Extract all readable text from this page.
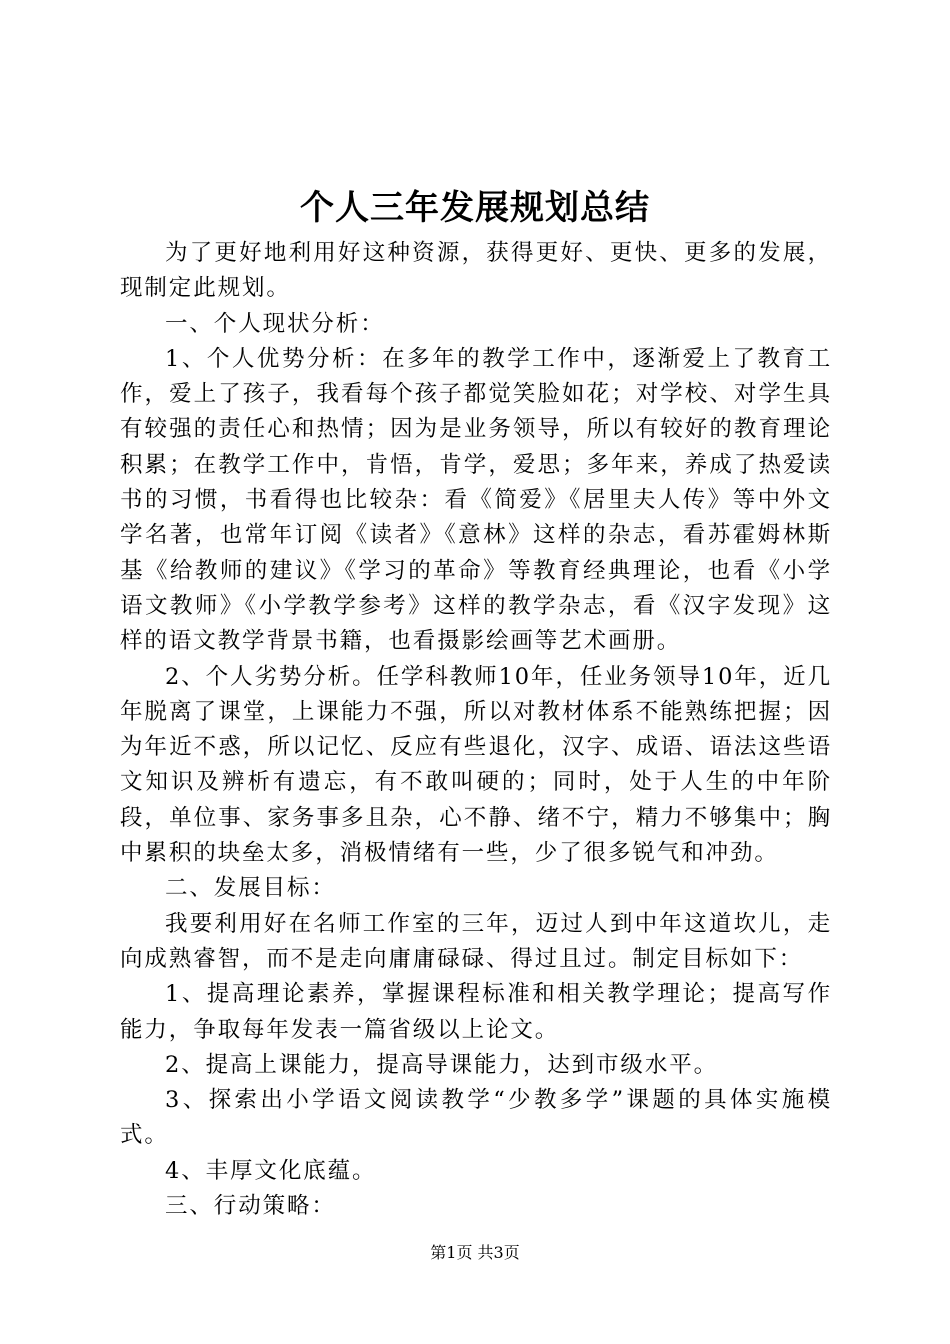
个人三年发展规划总结

为了更好地利用好这种资源，获得更好、更快、更多的发展，现制定此规划。

一、个人现状分析：

1、个人优势分析：在多年的教学工作中，逐渐爱上了教育工作，爱上了孩子，我看每个孩子都觉笑脸如花；对学校、对学生具有较强的责任心和热情；因为是业务领导，所以有较好的教育理论积累；在教学工作中，肯悟，肯学，爱思；多年来，养成了热爱读书的习惯，书看得也比较杂：看《简爱》《居里夫人传》等中外文学名著，也常年订阅《读者》《意林》这样的杂志，看苏霍姆林斯基《给教师的建议》《学习的革命》等教育经典理论，也看《小学语文教师》《小学教学参考》这样的教学杂志，看《汉字发现》这样的语文教学背景书籍，也看摄影绘画等艺术画册。

2、个人劣势分析。任学科教师10年，任业务领导10年，近几年脱离了课堂，上课能力不强，所以对教材体系不能熟练把握；因为年近不惑，所以记忆、反应有些退化，汉字、成语、语法这些语文知识及辨析有遗忘，有不敢叫硬的；同时，处于人生的中年阶段，单位事、家务事多且杂，心不静、绪不宁，精力不够集中；胸中累积的块垒太多，消极情绪有一些，少了很多锐气和冲劲。

二、发展目标：

我要利用好在名师工作室的三年，迈过人到中年这道坎儿，走向成熟睿智，而不是走向庸庸碌碌、得过且过。制定目标如下：

1、提高理论素养，掌握课程标准和相关教学理论；提高写作能力，争取每年发表一篇省级以上论文。

2、提高上课能力，提高导课能力，达到市级水平。

3、探索出小学语文阅读教学“少教多学”课题的具体实施模式。

4、丰厚文化底蕴。

三、行动策略：

第1页 共3页
